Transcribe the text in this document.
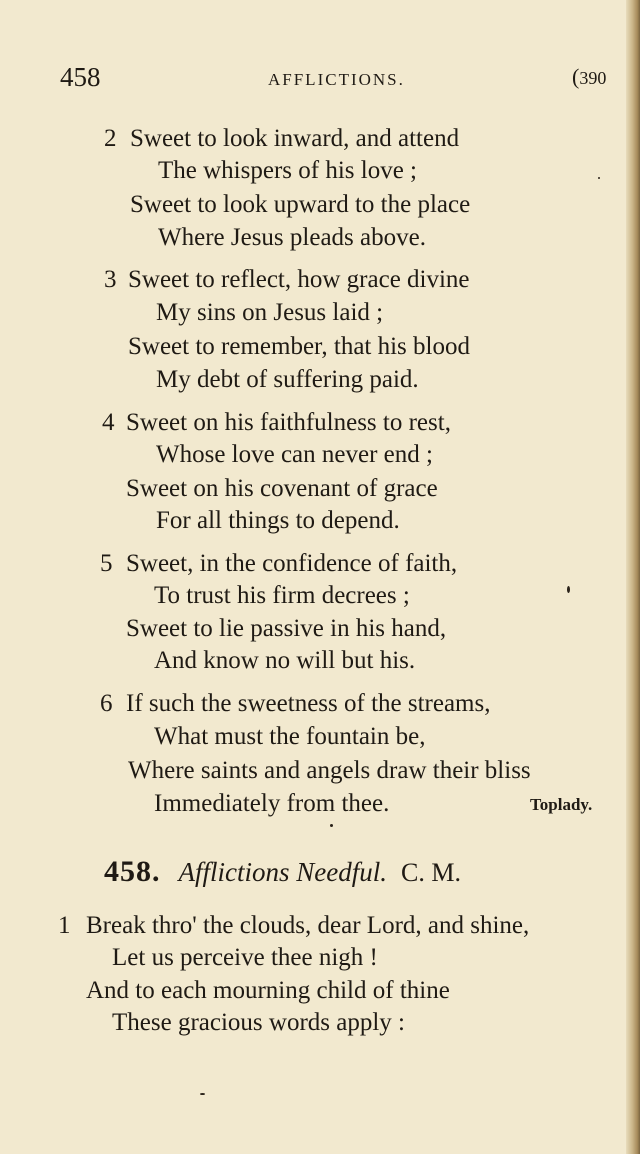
458	AFFLICTIONS.	(390
2 Sweet to look inward, and attend
The whispers of his love ;
Sweet to look upward to the place
Where Jesus pleads above.
3 Sweet to reflect, how grace divine
My sins on Jesus laid ;
Sweet to remember, that his blood
My debt of suffering paid.
4 Sweet on his faithfulness to rest,
Whose love can never end ;
Sweet on his covenant of grace
For all things to depend.
5 Sweet, in the confidence of faith,
To trust his firm decrees ;
Sweet to lie passive in his hand,
And know no will but his.
6 If such the sweetness of the streams,
What must the fountain be,
Where saints and angels draw their bliss
Immediately from thee.	Toplady.
458. Afflictions Needful. C. M.
1 Break thro' the clouds, dear Lord, and shine,
Let us perceive thee nigh !
And to each mourning child of thine
These gracious words apply :
